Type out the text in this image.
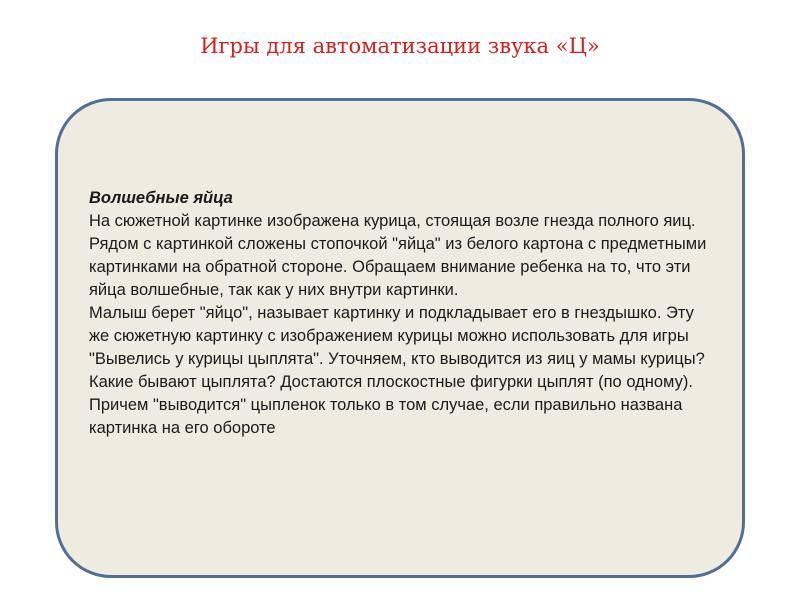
Игры для автоматизации звука «Ц»
Волшебные яйца
На сюжетной картинке изображена курица, стоящая возле гнезда полного яиц. Рядом с картинкой сложены стопочкой "яйца" из белого картона с предметными картинками на обратной стороне. Обращаем внимание ребенка на то, что эти яйца волшебные, так как у них внутри картинки.
Малыш берет "яйцо", называет картинку и подкладывает его в гнездышко. Эту же сюжетную картинку с изображением курицы можно использовать для игры "Вывелись у курицы цыплята". Уточняем, кто выводится из яиц у мамы курицы? Какие бывают цыплята? Достаются плоскостные фигурки цыплят (по одному). Причем "выводится" цыпленок только в том случае, если правильно названа картинка на его обороте
